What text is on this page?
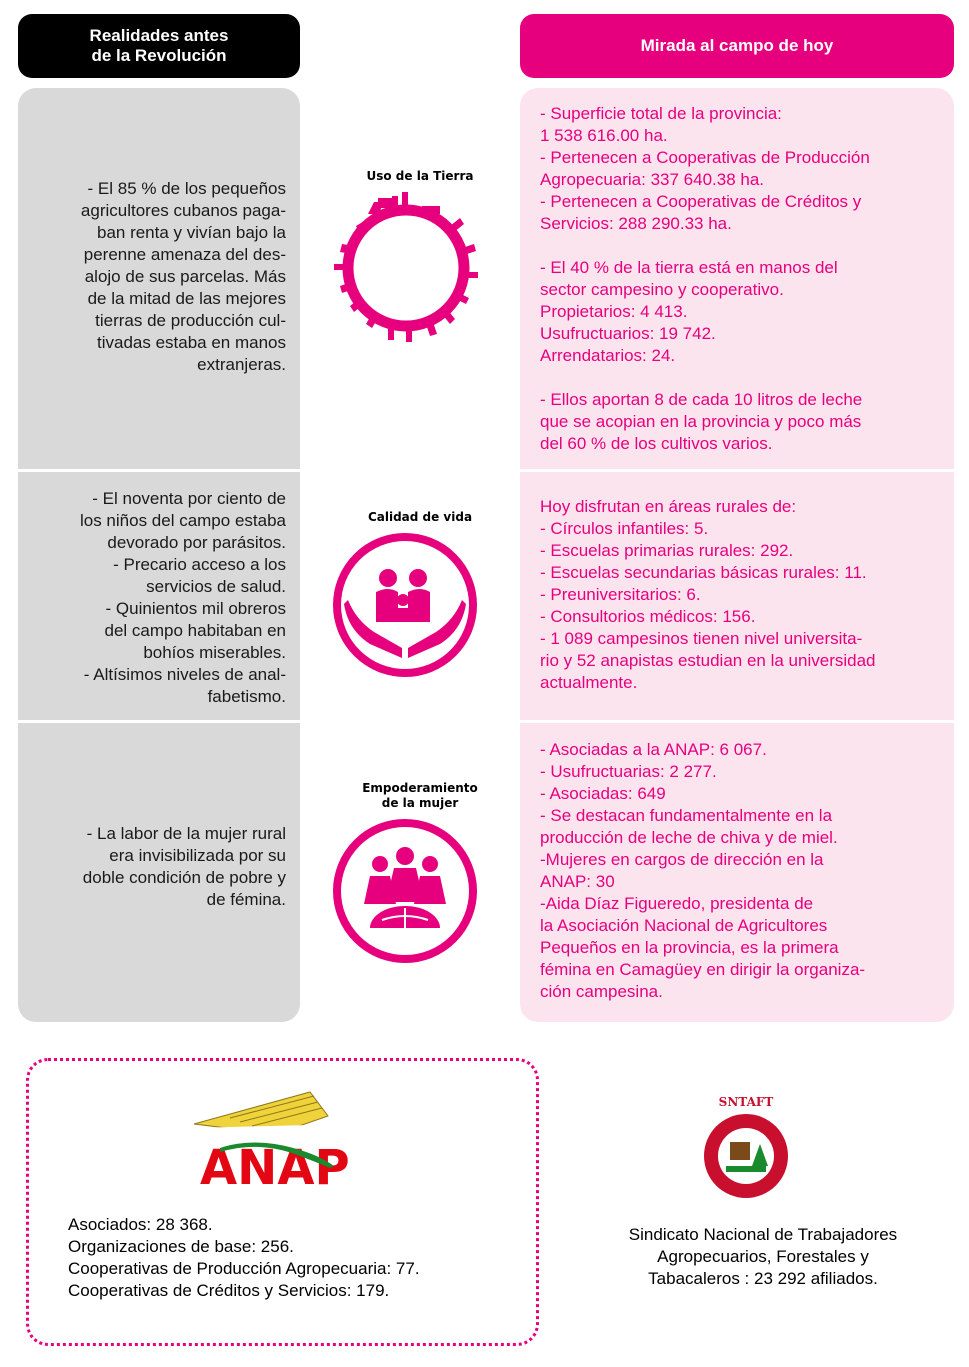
Realidades antes
de la Revolución
Mirada al campo de hoy
- El 85 % de los pequeños
agricultores cubanos paga-
ban renta y vivían bajo la
perenne amenaza del des-
alojo de sus parcelas. Más
de la mitad de las mejores
tierras de producción cul-
tivadas estaba en manos
extranjeras.
- El noventa por ciento de
los niños del campo estaba
devorado por parásitos.
- Precario acceso a los
servicios de salud.
- Quinientos mil obreros
del campo habitaban en
bohíos miserables.
- Altísimos niveles de anal-
fabetismo.
- La labor de la mujer rural
era invisibilizada por su
doble condición de pobre y
de fémina.
- Superficie total de la provincia:
1 538 616.00 ha.
- Pertenecen a Cooperativas de Producción
Agropecuaria: 337 640.38 ha.
- Pertenecen a Cooperativas de Créditos y
Servicios: 288 290.33 ha.

- El 40 % de la tierra está en manos del
sector campesino y cooperativo.
Propietarios: 4 413.
Usufructuarios: 19 742.
Arrendatarios: 24.

- Ellos aportan 8 de cada 10 litros de leche
que se acopian en la provincia y poco más
del 60 % de los cultivos varios.
Hoy disfrutan en áreas rurales de:
- Círculos infantiles: 5.
- Escuelas primarias rurales: 292.
- Escuelas secundarias básicas rurales: 11.
- Preuniversitarios: 6.
- Consultorios médicos: 156.
- 1 089 campesinos tienen nivel universita-
rio y 52 anapistas estudian en la universidad
actualmente.
- Asociadas a la ANAP: 6 067.
- Usufructuarias: 2 277.
- Asociadas: 649
- Se destacan fundamentalmente en la
producción de leche de chiva y de miel.
-Mujeres en cargos de dirección en la
ANAP: 30
-Aida Díaz Figueredo, presidenta de
la Asociación Nacional de Agricultores
Pequeños en la provincia, es la primera
fémina en Camagüey en dirigir la organiza-
ción campesina.
Uso de la Tierra
Calidad de vida
Empoderamiento
de la mujer
ANAP
Asociados: 28 368.
Organizaciones de base: 256.
Cooperativas de Producción Agropecuaria: 77.
Cooperativas de Créditos y Servicios: 179.
SNTAFT
Sindicato Nacional de Trabajadores
Agropecuarios, Forestales y
Tabacaleros : 23 292 afiliados.
